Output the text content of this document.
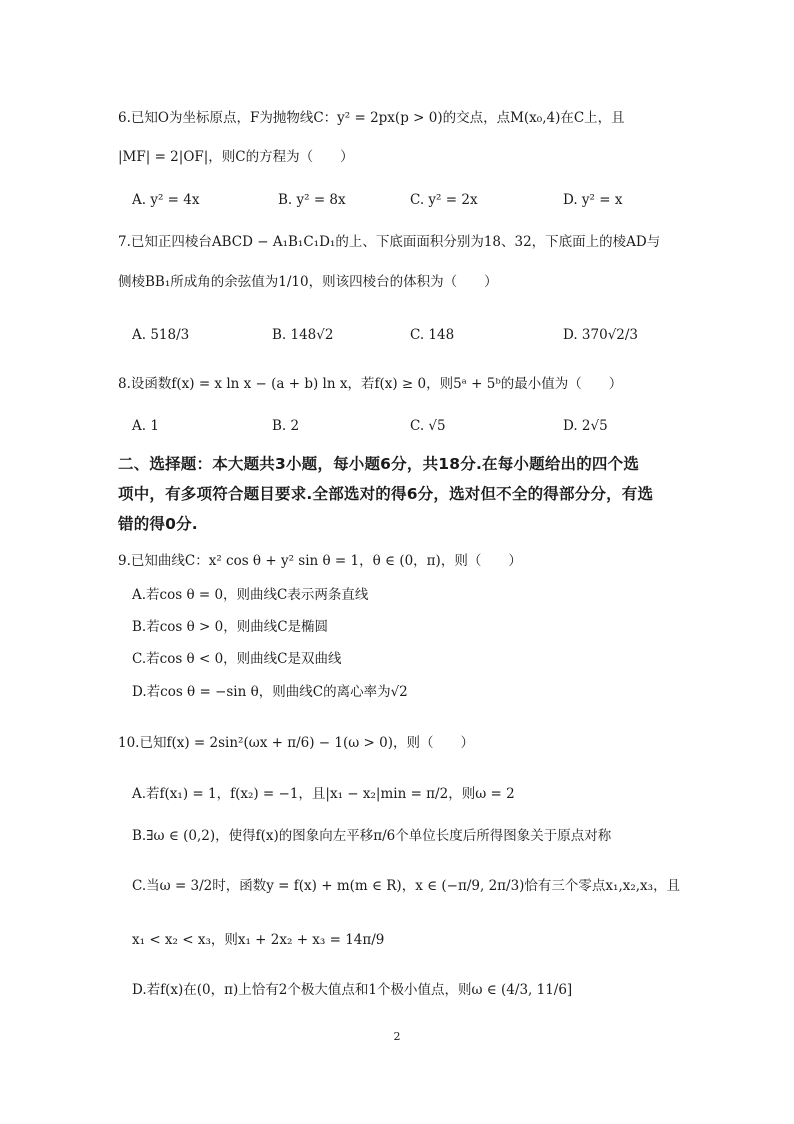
6.已知O为坐标原点，F为抛物线C：y² = 2px(p > 0)的交点，点M(x₀,4)在C上，且
|MF| = 2|OF|，则C的方程为（　　）
A. y² = 4x	B. y² = 8x	C. y² = 2x	D. y² = x
7.已知正四棱台ABCD − A₁B₁C₁D₁的上、下底面面积分别为18、32，下底面上的棱AD与
侧棱BB₁所成角的余弦值为1/10，则该四棱台的体积为（　　）
A. 518/3	B. 148√2	C. 148	D. 370√2/3
8.设函数f(x) = x ln x − (a + b) ln x，若f(x) ≥ 0，则5ᵃ + 5ᵇ的最小值为（　　）
A. 1	B. 2	C. √5	D. 2√5
二、选择题：本大题共3小题，每小题6分，共18分.在每小题给出的四个选
项中，有多项符合题目要求.全部选对的得6分，选对但不全的得部分分，有选
错的得0分.
9.已知曲线C：x² cos θ + y² sin θ = 1，θ ∈ (0，π)，则（　　）
A.若cos θ = 0，则曲线C表示两条直线
B.若cos θ > 0，则曲线C是椭圆
C.若cos θ < 0，则曲线C是双曲线
D.若cos θ = −sin θ，则曲线C的离心率为√2
10.已知f(x) = 2sin²(ωx + π/6) − 1(ω > 0)，则（　　）
A.若f(x₁) = 1，f(x₂) = −1，且|x₁ − x₂|min = π/2，则ω = 2
B.∃ω ∈ (0,2)，使得f(x)的图象向左平移π/6个单位长度后所得图象关于原点对称
C.当ω = 3/2时，函数y = f(x) + m(m ∈ R)，x ∈ (−π/9, 2π/3)恰有三个零点x₁,x₂,x₃，且
x₁ < x₂ < x₃，则x₁ + 2x₂ + x₃ = 14π/9
D.若f(x)在(0，π)上恰有2个极大值点和1个极小值点，则ω ∈ (4/3, 11/6]
2
